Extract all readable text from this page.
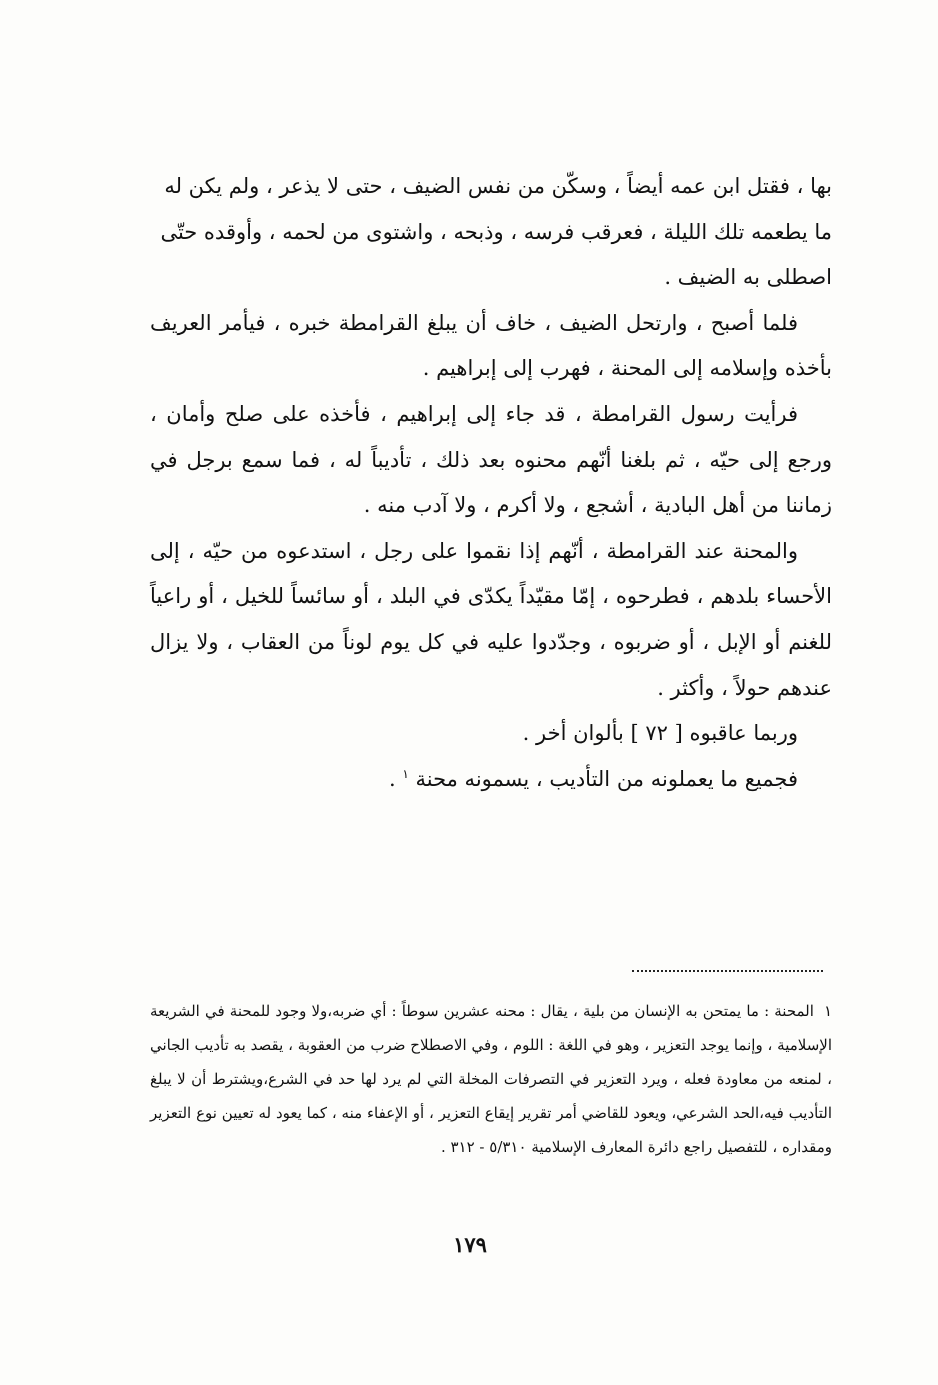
بها ، فقتل ابن عمه أيضاً ، وسكّن من نفس الضيف ، حتى لا يذعر ، ولم يكن له ما يطعمه تلك الليلة ، فعرقب فرسه ، وذبحه ، واشتوى من لحمه ، وأوقده حتّى اصطلى به الضيف .

فلما أصبح ، وارتحل الضيف ، خاف أن يبلغ القرامطة خبره ، فيأمر العريف بأخذه وإسلامه إلى المحنة ، فهرب إلى إبراهيم .

فرأيت رسول القرامطة ، قد جاء إلى إبراهيم ، فأخذه على صلح وأمان ، ورجع إلى حيّه ، ثم بلغنا أنّهم محنوه بعد ذلك ، تأديباً له ، فما سمع برجل في زماننا من أهل البادية ، أشجع ، ولا أكرم ، ولا آدب منه .

والمحنة عند القرامطة ، أنّهم إذا نقموا على رجل ، استدعوه من حيّه ، إلى الأحساء بلدهم ، فطرحوه ، إمّا مقيّداً يكدّى في البلد ، أو سائساً للخيل ، أو راعياً للغنم أو الإبل ، أو ضربوه ، وجدّدوا عليه في كل يوم لوناً من العقاب ، ولا يزال عندهم حولاً ، وأكثر .

وربما عاقبوه [ ٧٢ ] بألوان أخر .

فجميع ما يعملونه من التأديب ، يسمونه محنة $^١$ .

١المحنة : ما يمتحن به الإنسان من بلية ، يقال : محنه عشرين سوطاً : أي ضربه،ولا وجود للمحنة في الشريعة الإسلامية ، وإنما يوجد التعزير ، وهو في اللغة : اللوم ، وفي الاصطلاح ضرب من العقوبة ، يقصد به تأديب الجاني ، لمنعه من معاودة فعله ، ويرد التعزير في التصرفات المخلة التي لم يرد لها حد في الشرع،ويشترط أن لا يبلغ التأديب فيه،الحد الشرعي، ويعود للقاضي أمر تقرير إيقاع التعزير ، أو الإعفاء منه ، كما يعود له تعيين نوع التعزير ومقداره ، للتفصيل راجع دائرة المعارف الإسلامية ٥/٣١٠ - ٣١٢ .

١٧٩
